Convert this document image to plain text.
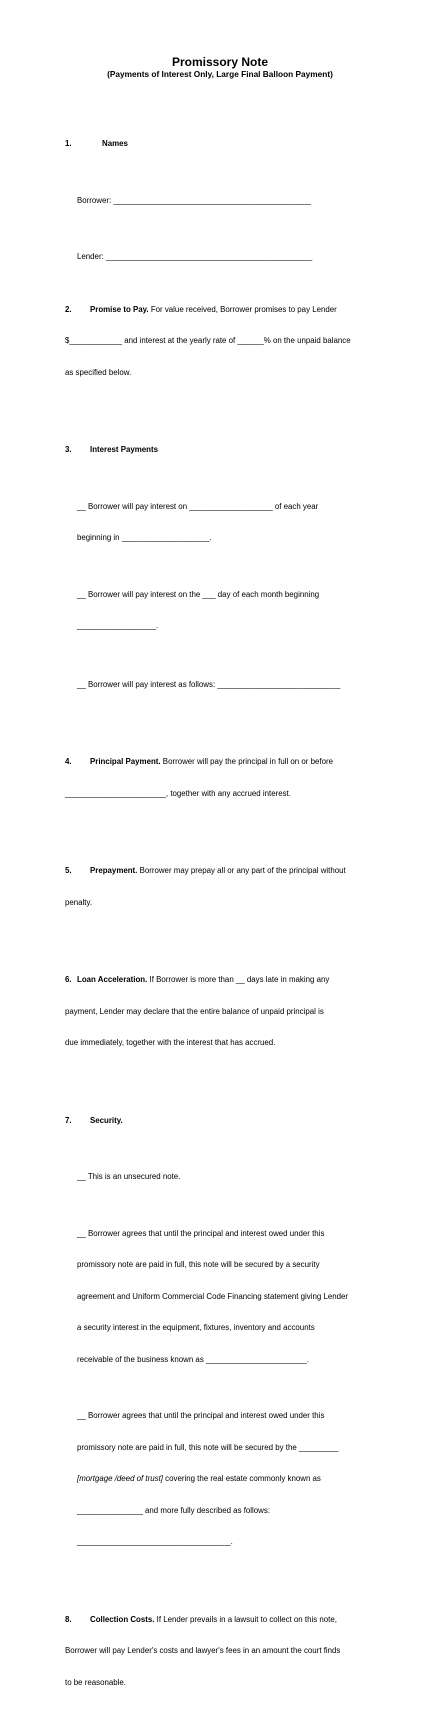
Promissory Note
(Payments of Interest Only, Large Final Balloon Payment)

1.	Names

Borrower: _____________________________________________

Lender: _______________________________________________

2. Promise to Pay. For value received, Borrower promises to pay Lender

$____________ and interest at the yearly rate of ______% on the unpaid balance

as specified below.

3. Interest Payments

__ Borrower will pay interest on ___________________ of each year

beginning in ____________________.

__ Borrower will pay interest on the ___ day of each month beginning

__________________.

__ Borrower will pay interest as follows: ____________________________

4. Principal Payment. Borrower will pay the principal in full on or before

_______________________, together with any accrued interest.

5. Prepayment. Borrower may prepay all or any part of the principal without

penalty.

6. Loan Acceleration. If Borrower is more than __ days late in making any

payment, Lender may declare that the entire balance of unpaid principal is

due immediately, together with the interest that has accrued.

7. Security.

__ This is an unsecured note.

__ Borrower agrees that until the principal and interest owed under this

promissory note are paid in full, this note will be secured by a security

agreement and Uniform Commercial Code Financing statement giving Lender

a security interest in the equipment, fixtures, inventory and accounts

receivable of the business known as _______________________.

__ Borrower agrees that until the principal and interest owed under this

promissory note are paid in full, this note will be secured by the _________

[mortgage /deed of trust] covering the real estate commonly known as

_______________ and more fully described as follows:

___________________________________.

8. Collection Costs. If Lender prevails in a lawsuit to collect on this note,

Borrower will pay Lender's costs and lawyer's fees in an amount the court finds

to be reasonable.
